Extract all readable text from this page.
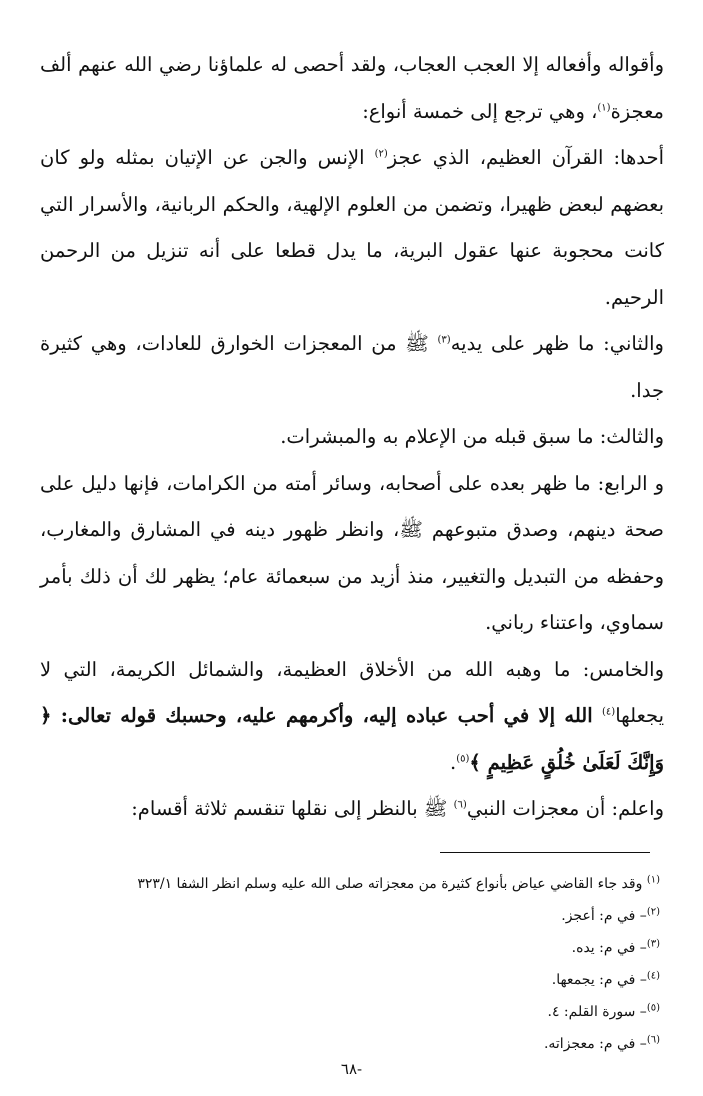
وأقواله وأفعاله إلا العجب العجاب، ولقد أحصى له علماؤنا رضي الله عنهم ألف معجزة$^{(١)}$، وهي ترجع إلى خمسة أنواع:

أحدها: القرآن العظيم، الذي عجز$^{(٢)}$ الإنس والجن عن الإتيان بمثله ولو كان بعضهم لبعض ظهيرا، وتضمن من العلوم الإلهية، والحكم الربانية، والأسرار التي كانت محجوبة عنها عقول البرية، ما يدل قطعا على أنه تنزيل من الرحمن الرحيم.

والثاني: ما ظهر على يديه$^{(٣)}$ ﷺ من المعجزات الخوارق للعادات، وهي كثيرة جدا.

والثالث: ما سبق قبله من الإعلام به والمبشرات.

و الرابع: ما ظهر بعده على أصحابه، وسائر أمته من الكرامات، فإنها دليل على صحة دينهم، وصدق متبوعهم ﷺ، وانظر ظهور دينه في المشارق والمغارب، وحفظه من التبديل والتغيير، منذ أزيد من سبعمائة عام؛ يظهر لك أن ذلك بأمر سماوي، واعتناء رباني.

والخامس: ما وهبه الله من الأخلاق العظيمة، والشمائل الكريمة، التي لا يجعلها$^{(٤)}$ الله إلا في أحب عباده إليه، وأكرمهم عليه، وحسبك قوله تعالى: ﴿ وَإِنَّكَ لَعَلَىٰ خُلُقٍ عَظِيمٍ ﴾$^{(٥)}$.

واعلم: أن معجزات النبي$^{(٦)}$ ﷺ بالنظر إلى نقلها تنقسم ثلاثة أقسام:

$^{(١)}$ وقد جاء القاضي عياض بأنواع كثيرة من معجزاته صلى الله عليه وسلم انظر الشفا ٣٢٣/١

$^{(٢)}$– في م: أعجز.

$^{(٣)}$– في م: يده.

$^{(٤)}$– في م: يجمعها.

$^{(٥)}$– سورة القلم: ٤.

$^{(٦)}$– في م: معجزاته.

-٦٨
